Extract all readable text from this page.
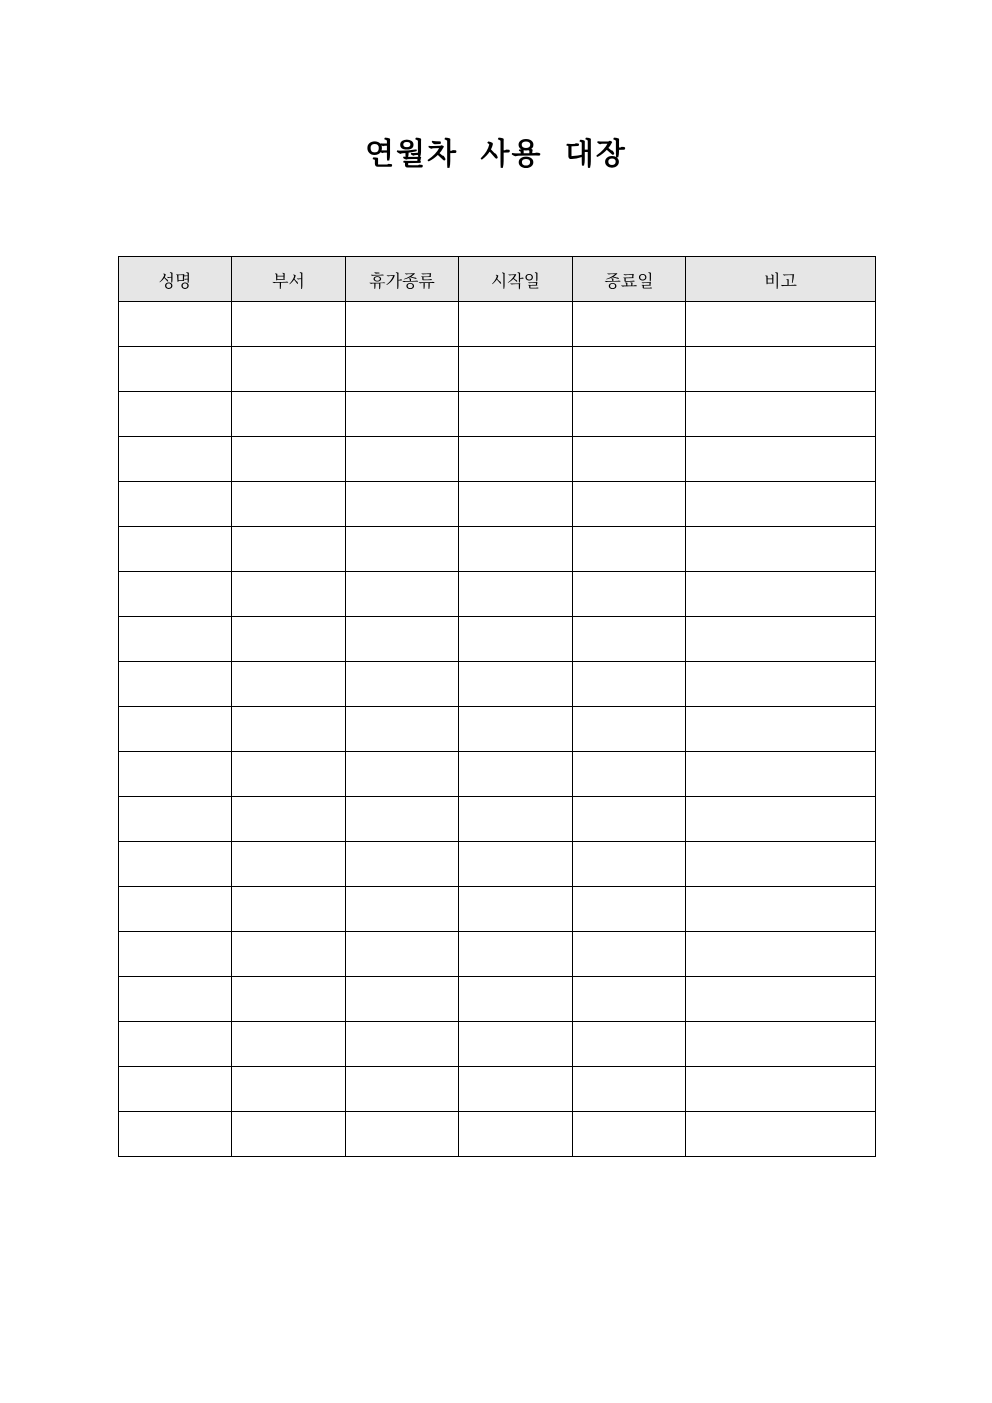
연월차 사용 대장
성명	부서	휴가종류	시작일	종료일	비고
